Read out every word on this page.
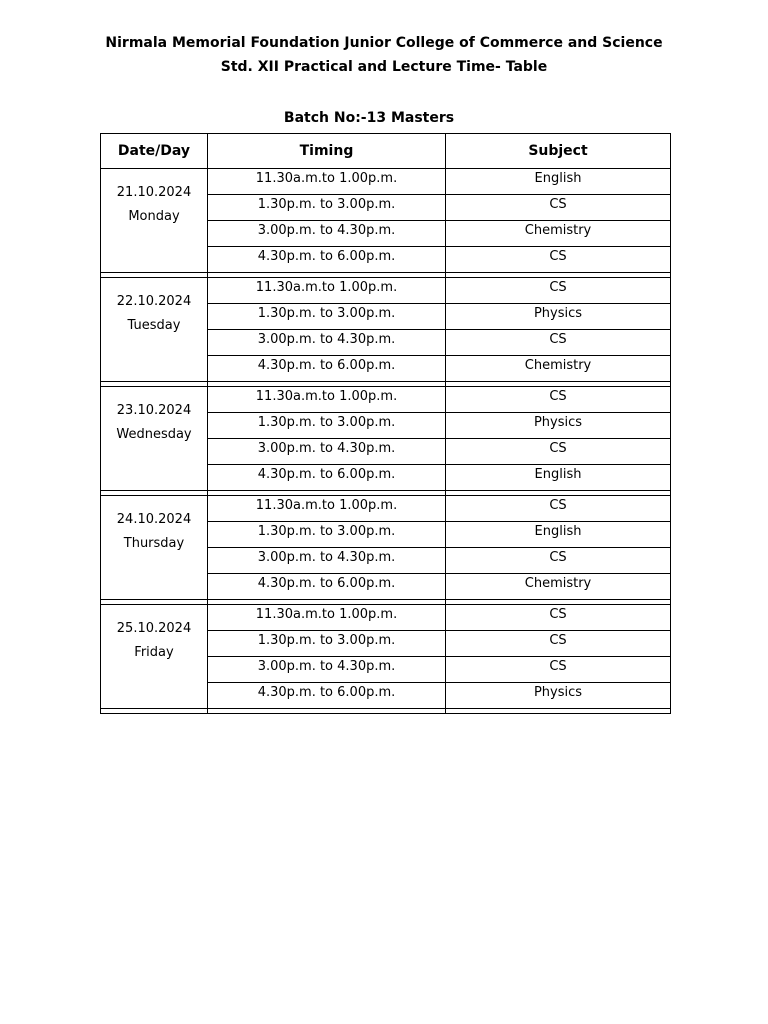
Nirmala Memorial Foundation Junior College of Commerce and Science
Std. XII Practical and Lecture Time- Table
Batch No:-13 Masters
Date/Day	Timing	Subject

21.10.2024
Monday	11.30a.m.to 1.00p.m.	English
	1.30p.m. to 3.00p.m.	CS
	3.00p.m. to 4.30p.m.	Chemistry
	4.30p.m. to 6.00p.m.	CS

22.10.2024
Tuesday	11.30a.m.to 1.00p.m.	CS
	1.30p.m. to 3.00p.m.	Physics
	3.00p.m. to 4.30p.m.	CS
	4.30p.m. to 6.00p.m.	Chemistry

23.10.2024
Wednesday	11.30a.m.to 1.00p.m.	CS
	1.30p.m. to 3.00p.m.	Physics
	3.00p.m. to 4.30p.m.	CS
	4.30p.m. to 6.00p.m.	English

24.10.2024
Thursday	11.30a.m.to 1.00p.m.	CS
	1.30p.m. to 3.00p.m.	English
	3.00p.m. to 4.30p.m.	CS
	4.30p.m. to 6.00p.m.	Chemistry

25.10.2024
Friday	11.30a.m.to 1.00p.m.	CS
	1.30p.m. to 3.00p.m.	CS
	3.00p.m. to 4.30p.m.	CS
	4.30p.m. to 6.00p.m.	Physics
